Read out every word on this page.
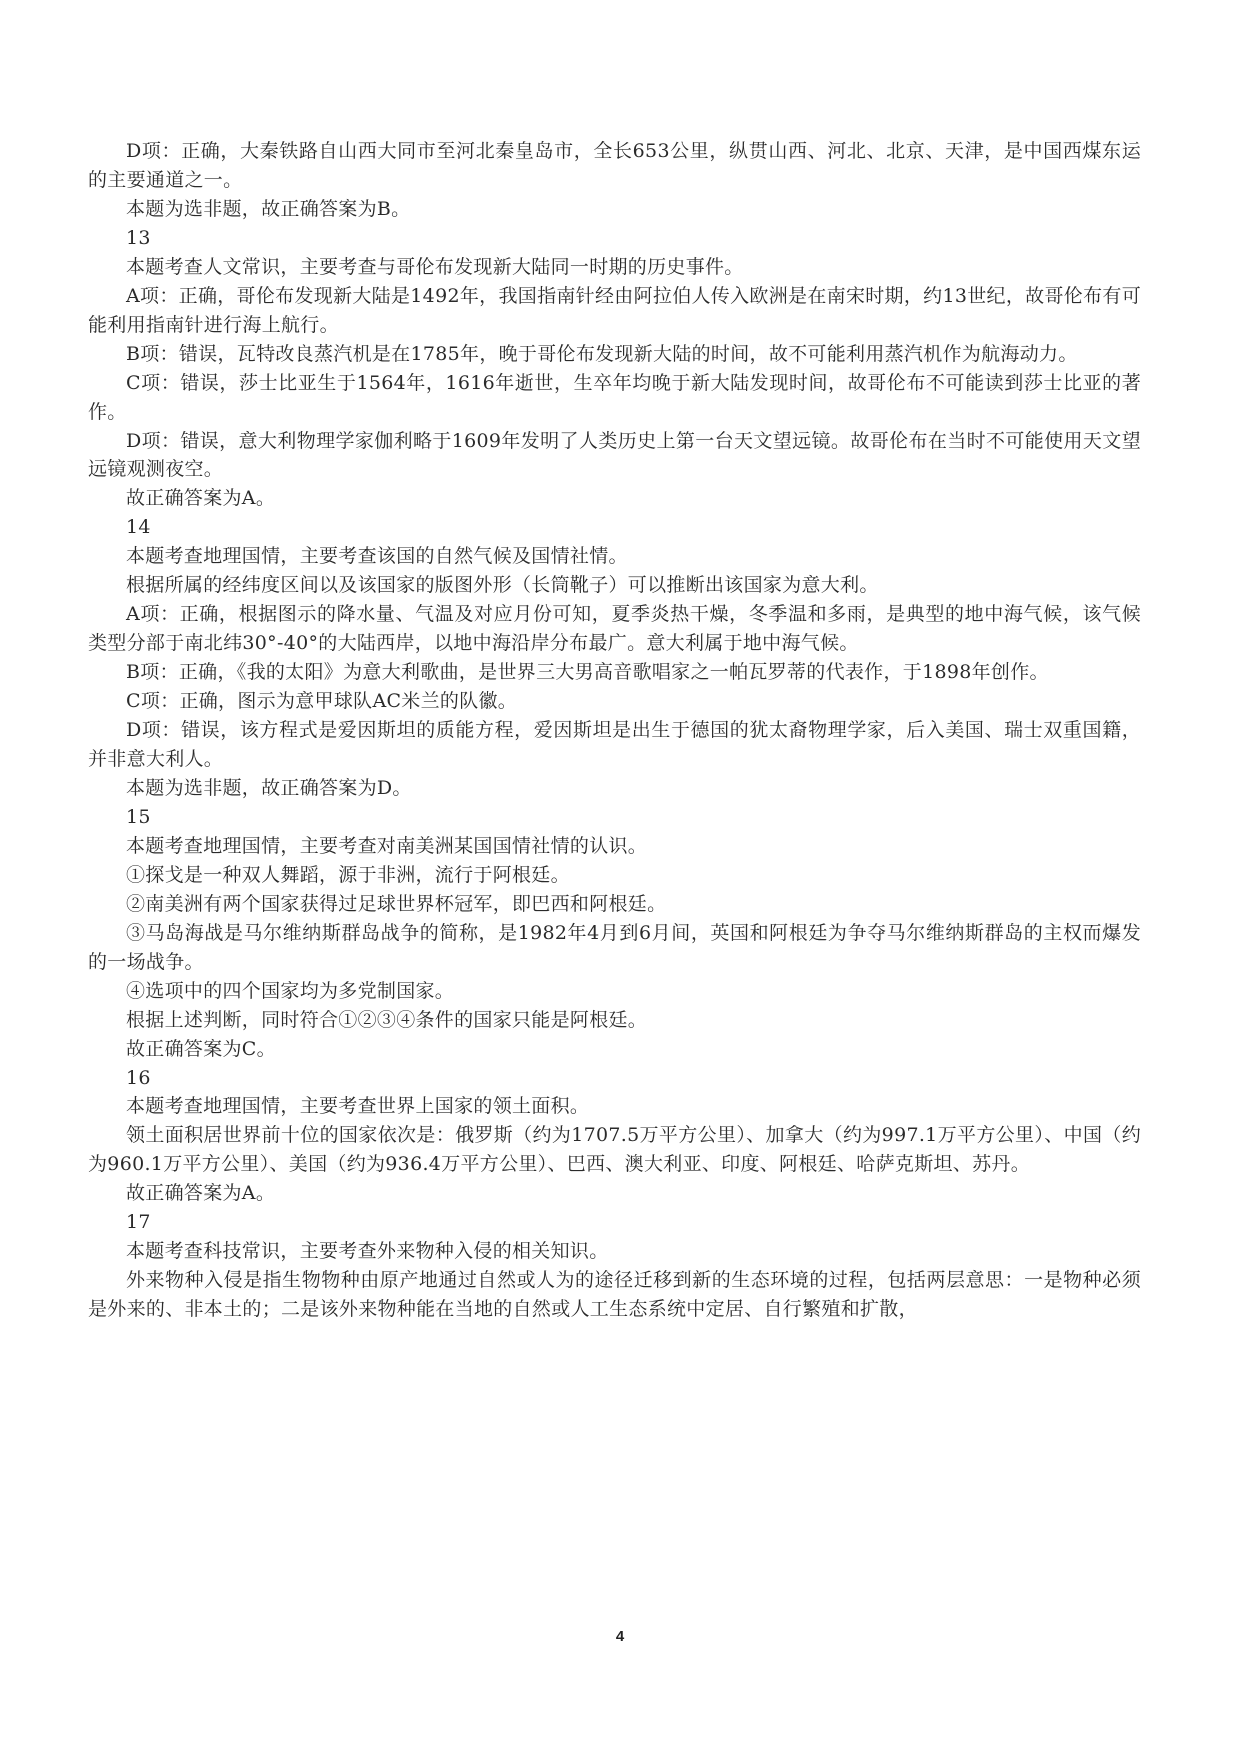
D项：正确，大秦铁路自山西大同市至河北秦皇岛市，全长653公里，纵贯山西、河北、北京、天津，是中国西煤东运的主要通道之一。

本题为选非题，故正确答案为B。

13

本题考查人文常识，主要考查与哥伦布发现新大陆同一时期的历史事件。

A项：正确，哥伦布发现新大陆是1492年，我国指南针经由阿拉伯人传入欧洲是在南宋时期，约13世纪，故哥伦布有可能利用指南针进行海上航行。

B项：错误，瓦特改良蒸汽机是在1785年，晚于哥伦布发现新大陆的时间，故不可能利用蒸汽机作为航海动力。

C项：错误，莎士比亚生于1564年，1616年逝世，生卒年均晚于新大陆发现时间，故哥伦布不可能读到莎士比亚的著作。

D项：错误，意大利物理学家伽利略于1609年发明了人类历史上第一台天文望远镜。故哥伦布在当时不可能使用天文望远镜观测夜空。

故正确答案为A。

14

本题考查地理国情，主要考查该国的自然气候及国情社情。

根据所属的经纬度区间以及该国家的版图外形（长筒靴子）可以推断出该国家为意大利。

A项：正确，根据图示的降水量、气温及对应月份可知，夏季炎热干燥，冬季温和多雨，是典型的地中海气候，该气候类型分部于南北纬30°-40°的大陆西岸，以地中海沿岸分布最广。意大利属于地中海气候。

B项：正确，《我的太阳》为意大利歌曲，是世界三大男高音歌唱家之一帕瓦罗蒂的代表作，于1898年创作。

C项：正确，图示为意甲球队AC米兰的队徽。

D项：错误，该方程式是爱因斯坦的质能方程，爱因斯坦是出生于德国的犹太裔物理学家，后入美国、瑞士双重国籍，并非意大利人。

本题为选非题，故正确答案为D。

15

本题考查地理国情，主要考查对南美洲某国国情社情的认识。

①探戈是一种双人舞蹈，源于非洲，流行于阿根廷。

②南美洲有两个国家获得过足球世界杯冠军，即巴西和阿根廷。

③马岛海战是马尔维纳斯群岛战争的简称，是1982年4月到6月间，英国和阿根廷为争夺马尔维纳斯群岛的主权而爆发的一场战争。

④选项中的四个国家均为多党制国家。

根据上述判断，同时符合①②③④条件的国家只能是阿根廷。

故正确答案为C。

16

本题考查地理国情，主要考查世界上国家的领土面积。

领土面积居世界前十位的国家依次是：俄罗斯（约为1707.5万平方公里）、加拿大（约为997.1万平方公里）、中国（约为960.1万平方公里）、美国（约为936.4万平方公里）、巴西、澳大利亚、印度、阿根廷、哈萨克斯坦、苏丹。

故正确答案为A。

17

本题考查科技常识，主要考查外来物种入侵的相关知识。

外来物种入侵是指生物物种由原产地通过自然或人为的途径迁移到新的生态环境的过程，包括两层意思：一是物种必须是外来的、非本土的；二是该外来物种能在当地的自然或人工生态系统中定居、自行繁殖和扩散，

4
